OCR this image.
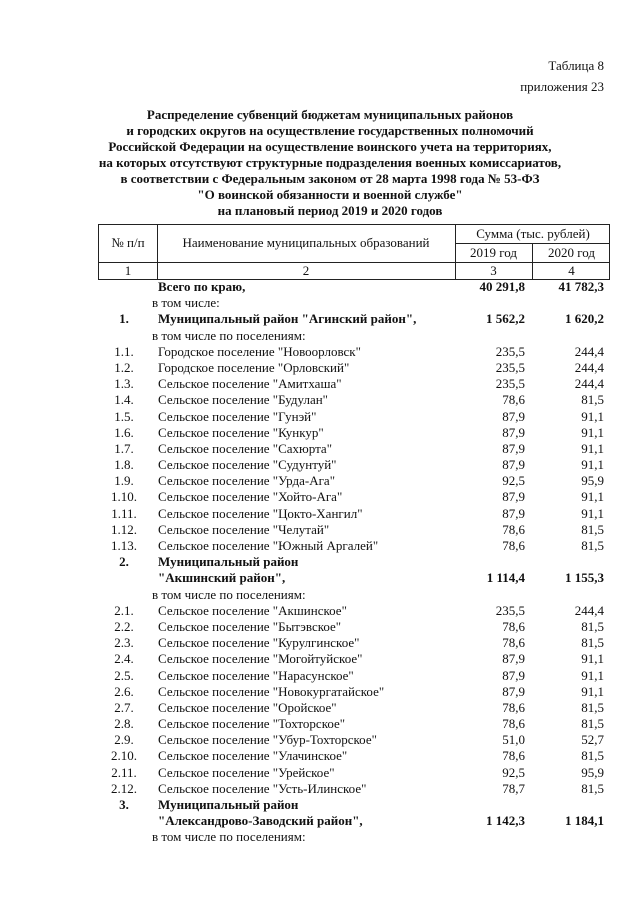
Таблица 8
приложения 23
Распределение субвенций бюджетам муниципальных районов
и городских округов на осуществление государственных полномочий
Российской Федерации на осуществление воинского учета на территориях,
на которых отсутствуют структурные подразделения военных комиссариатов,
в соответствии с Федеральным законом от 28 марта 1998 года № 53-ФЗ
"О воинской обязанности и военной службе"
на плановый период 2019 и 2020 годов
№ п/п	Наименование муниципальных образований
Сумма (тыс. рублей)
2019 год	2020 год
1	2	3	4
Всего по краю,	40 291,8	41 782,3
в том числе:
1.	Муниципальный район "Агинский район",	1 562,2	1 620,2
в том числе по поселениям:
1.1.	Городское поселение "Новоорловск"	235,5	244,4
1.2.	Городское поселение "Орловский"	235,5	244,4
1.3.	Сельское поселение "Амитхаша"	235,5	244,4
1.4.	Сельское поселение "Будулан"	78,6	81,5
1.5.	Сельское поселение "Гунэй"	87,9	91,1
1.6.	Сельское поселение "Кункур"	87,9	91,1
1.7.	Сельское поселение "Сахюрта"	87,9	91,1
1.8.	Сельское поселение "Судунтуй"	87,9	91,1
1.9.	Сельское поселение "Урда-Ага"	92,5	95,9
1.10.	Сельское поселение "Хойто-Ага"	87,9	91,1
1.11.	Сельское поселение "Цокто-Хангил"	87,9	91,1
1.12.	Сельское поселение "Челутай"	78,6	81,5
1.13.	Сельское поселение "Южный Аргалей"	78,6	81,5
2.	Муниципальный район
"Акшинский район",	1 114,4	1 155,3
в том числе по поселениям:
2.1.	Сельское поселение "Акшинское"	235,5	244,4
2.2.	Сельское поселение "Бытэвское"	78,6	81,5
2.3.	Сельское поселение "Курулгинское"	78,6	81,5
2.4.	Сельское поселение "Могойтуйское"	87,9	91,1
2.5.	Сельское поселение "Нарасунское"	87,9	91,1
2.6.	Сельское поселение "Новокургатайское"	87,9	91,1
2.7.	Сельское поселение "Оройское"	78,6	81,5
2.8.	Сельское поселение "Тохторское"	78,6	81,5
2.9.	Сельское поселение "Убур-Тохторское"	51,0	52,7
2.10.	Сельское поселение "Улачинское"	78,6	81,5
2.11.	Сельское поселение "Урейское"	92,5	95,9
2.12.	Сельское поселение "Усть-Илинское"	78,7	81,5
3.	Муниципальный район
"Александрово-Заводский район",	1 142,3	1 184,1
в том числе по поселениям:
